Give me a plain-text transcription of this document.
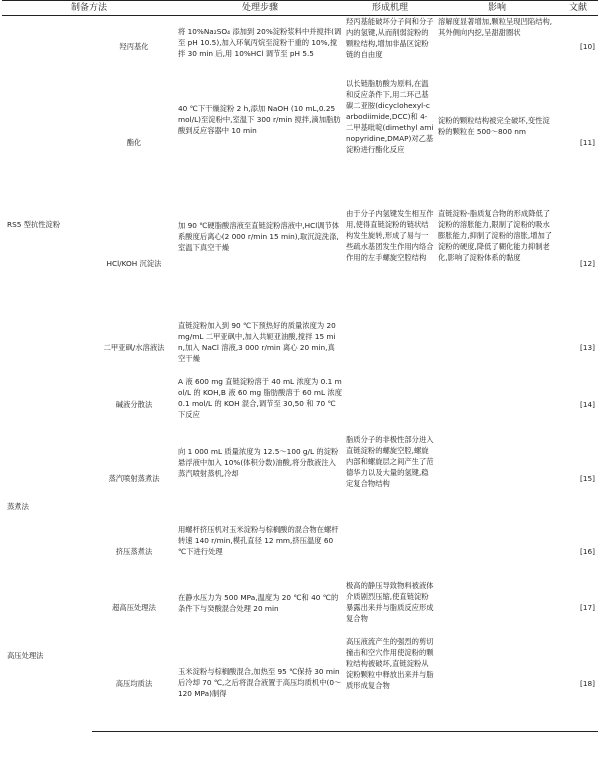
制备方法		处理步骤	形成机理	影响	文献
RS5 型抗性淀粉	羟丙基化	将 10%Na₂SO₄ 添加到 20%淀粉浆料中并搅拌(调至 pH 10.5),加入环氧丙烷至淀粉干重的 10%,搅拌 30 min 后,用 10%HCl 调节至 pH 5.5	羟丙基能破坏分子间和分子内的氢键,从而削弱淀粉的颗粒结构,增加非晶区淀粉链的自由度	溶解度显著增加,颗粒呈现凹陷结构,其外侧向内挖,呈甜甜圈状	[10]
	酯化	40 ℃下干燥淀粉 2 h,添加 NaOH (10 mL,0.25 mol/L)至淀粉中,室温下 300 r/min 搅拌,滴加脂肪酸到反应容器中 10 min	以长链脂肪酸为原料,在温和反应条件下,用二环己基碳二亚胺(dicyclohexyl-carbodiimide,DCC)和 4-二甲基吡啶(dimethyl aminopyridine,DMAP)对乙基淀粉进行酯化反应	淀粉的颗粒结构被完全破坏,变性淀粉的颗粒在 500～800 nm	[11]
	HCl/KOH 沉淀法	加 90 ℃硬脂酸溶液至直链淀粉溶液中,HCl调节体系酸度后离心(2 000 r/min 15 min),取沉淀洗涤,室温下真空干燥	由于分子内氢键发生相互作用,使得直链淀粉的链状结构发生旋转,形成了易与一些疏水基团发生作用内络合作用的左手螺旋空腔结构	直链淀粉-脂质复合物的形成降低了淀粉的溶胀能力,限制了淀粉的吸水膨胀能力,抑制了淀粉的溶胀,增加了淀粉的硬度,降低了糊化能力抑制老化,影响了淀粉体系的黏度	[12]
	二甲亚砜/水溶液法	直链淀粉加入到 90 ℃下预热好的质量浓度为 20 mg/mL 二甲亚砜中,加入共轭亚油酸,搅拌 15 min,加入 NaCl 溶液,3 000 r/min 离心 20 min,真空干燥			[13]
	碱液分散法	A 液 600 mg 直链淀粉溶于 40 mL 浓度为 0.1 mol/L 的 KOH,B 液 60 mg 脂肪酸溶于 60 mL 浓度 0.1 mol/L 的 KOH 混合,调节至 30,50 和 70 ℃下反应			[14]
蒸煮法	蒸汽喷射蒸煮法	向 1 000 mL 质量浓度为 12.5～100 g/L 的淀粉悬浮液中加入 10%(体积分数)油酸,将分散液注入蒸汽喷射蒸机,冷却	脂质分子的非极性部分进入直链淀粉的螺旋空腔,螺旋内部和螺旋层之间产生了范德华力以及大量的氢键,稳定复合物结构		[15]
	挤压蒸煮法	用螺杆挤压机对玉米淀粉与棕榈酸的混合物在螺杆转速 140 r/min,模孔直径 12 mm,挤压温度 60 ℃下进行处理			[16]
高压处理法	超高压处理法	在静水压力为 500 MPa,温度为 20 ℃和 40 ℃的条件下与癸酸混合处理 20 min	极高的静压导致物料被液体介质剧烈压缩,使直链淀粉暴露出来并与脂质反应形成复合物		[17]
	高压均质法	玉米淀粉与棕榈酸混合,加热至 95 ℃保持 30 min 后冷却 70 ℃,之后将混合液置于高压均质机中(0～120 MPa)制得	高压液流产生的强烈的剪切撞击和空穴作用使淀粉的颗粒结构被破坏,直链淀粉从淀粉颗粒中释放出来并与脂质形成复合物		[18]
